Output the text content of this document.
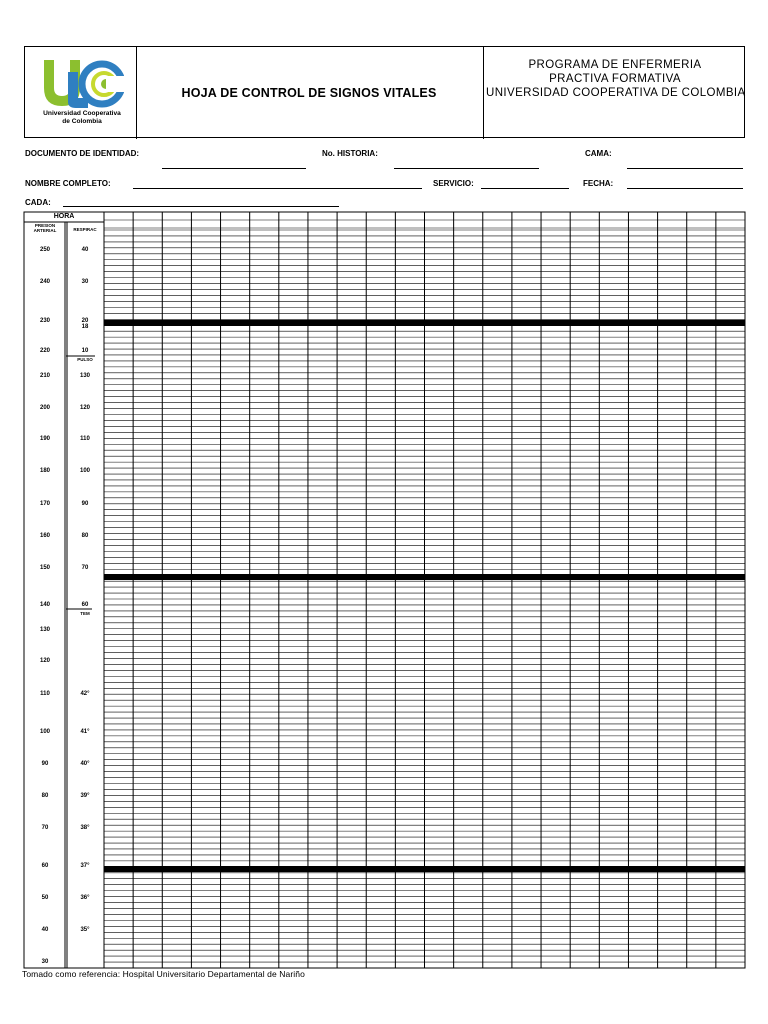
Universidad Cooperativa
de Colombia
HOJA DE CONTROL DE SIGNOS VITALES
PROGRAMA DE ENFERMERIA
PRACTIVA FORMATIVA
UNIVERSIDAD COOPERATIVA DE COLOMBIA
DOCUMENTO DE IDENTIDAD:	No. HISTORIA:	CAMA:
NOMBRE COMPLETO:	SERVICIO:	FECHA:
CADA:
HORA
PRESION ARTERIAL	RESPIRAC
250
240
230
220
210
200
190
180
170
160
150
140
130
120
110
100
90
80
70
60
50
40
30
40
30
20
18
10
130
120
110
100
90
80
70
60
42°
41°
40°
39°
38°
37°
36°
35°
PULSO
TEM
Tomado como referencia: Hospital Universitario Departamental de Nariño
